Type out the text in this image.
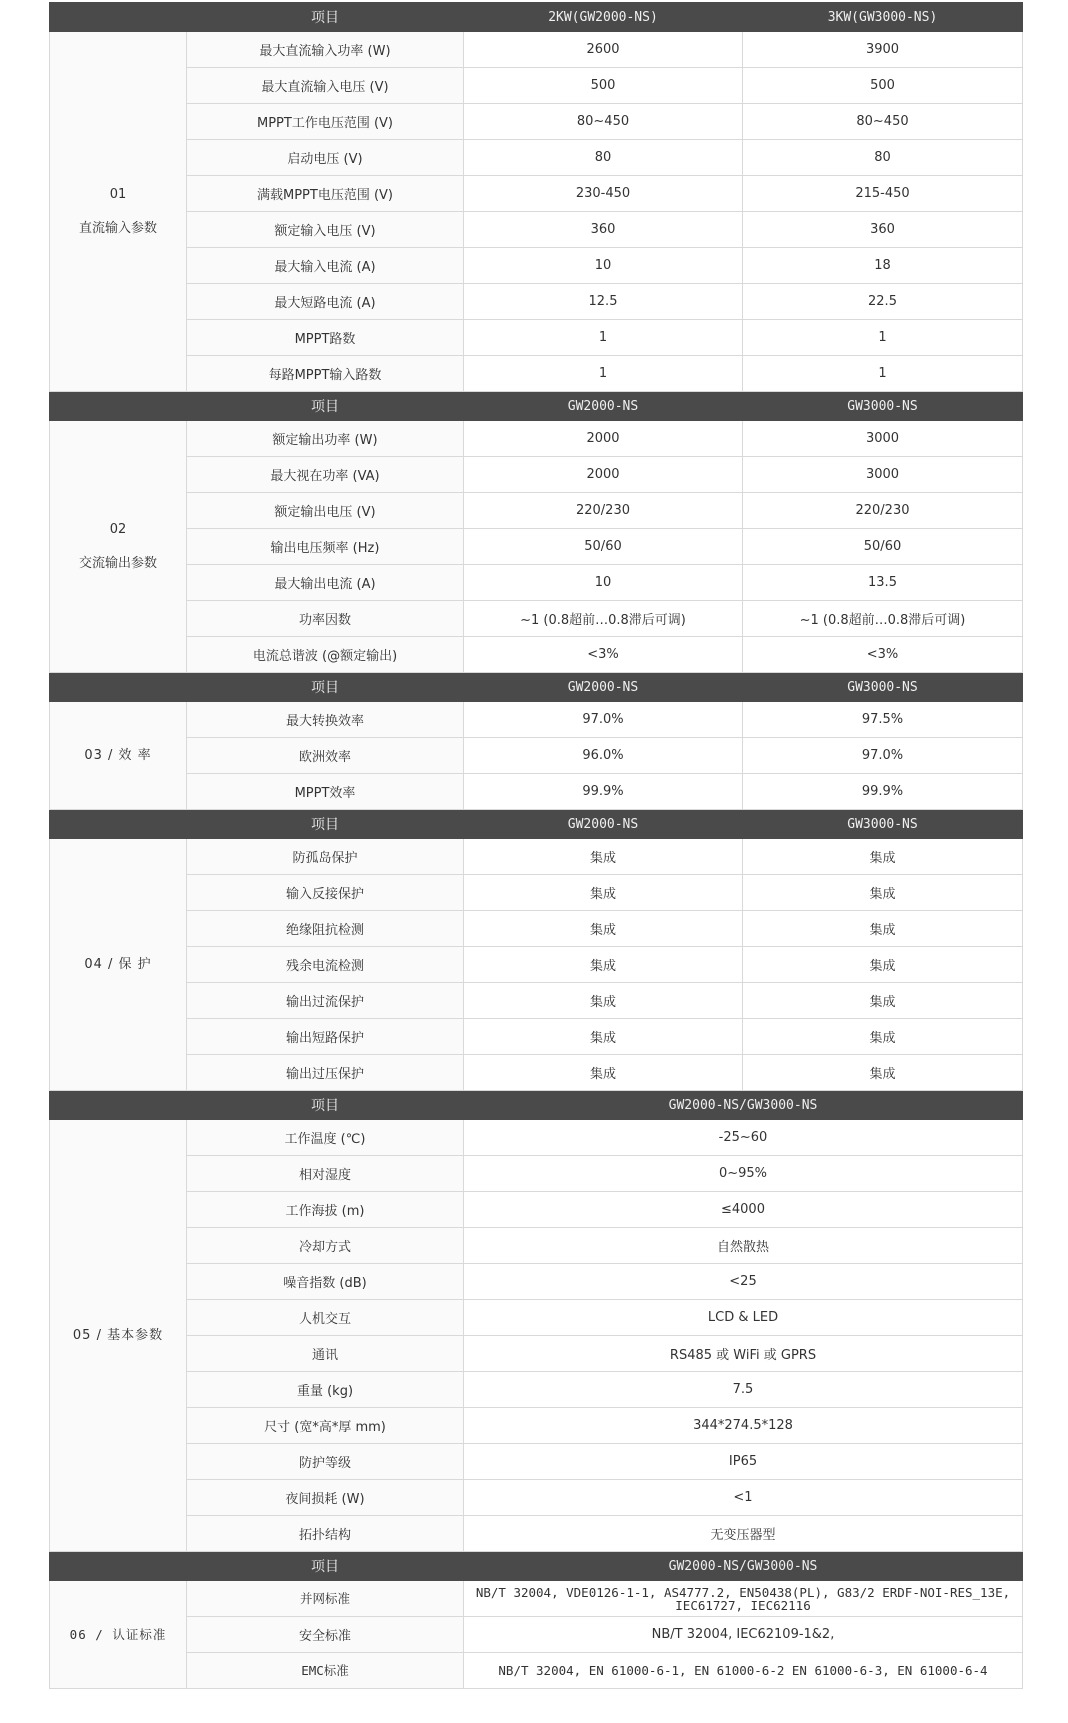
	项目	2KW(GW2000-NS)	3KW(GW3000-NS)

01
直流输入参数	最大直流输入功率 (W)	2600	3900
	最大直流输入电压 (V)	500	500
	MPPT工作电压范围 (V)	80~450	80~450
	启动电压 (V)	80	80
	满载MPPT电压范围 (V)	230-450	215-450
	额定输入电压 (V)	360	360
	最大输入电流 (A)	10	18
	最大短路电流 (A)	12.5	22.5
	MPPT路数	1	1
	每路MPPT输入路数	1	1
	项目	GW2000-NS	GW3000-NS

02
交流输出参数	额定输出功率 (W)	2000	3000
	最大视在功率 (VA)	2000	3000
	额定输出电压 (V)	220/230	220/230
	输出电压频率 (Hz)	50/60	50/60
	最大输出电流 (A)	10	13.5
	功率因数	~1 (0.8超前…0.8滞后可调)	~1 (0.8超前…0.8滞后可调)
	电流总谐波 (@额定输出)	<3%	<3%
	项目	GW2000-NS	GW3000-NS
03 / 效 率	最大转换效率	97.0%	97.5%
	欧洲效率	96.0%	97.0%
	MPPT效率	99.9%	99.9%
	项目	GW2000-NS	GW3000-NS
04 / 保 护	防孤岛保护	集成	集成
	输入反接保护	集成	集成
	绝缘阻抗检测	集成	集成
	残余电流检测	集成	集成
	输出过流保护	集成	集成
	输出短路保护	集成	集成
	输出过压保护	集成	集成
	项目	GW2000-NS/GW3000-NS	
05 / 基本参数	工作温度 (℃)	-25~60	
	相对湿度	0~95%	
	工作海拔 (m)	≤4000	
	冷却方式	自然散热	
	噪音指数 (dB)	<25	
	人机交互	LCD & LED	
	通讯	RS485 或 WiFi 或 GPRS	
	重量 (kg)	7.5	
	尺寸 (宽*高*厚 mm)	344*274.5*128	
	防护等级	IP65	
	夜间损耗 (W)	<1	
	拓扑结构	无变压器型	
	项目	GW2000-NS/GW3000-NS	
06 / 认证标准	并网标准	NB/T 32004, VDE0126-1-1, AS4777.2, EN50438(PL), G83/2 ERDF-NOI-RES_13E, IEC61727, IEC62116	
	安全标准	NB/T 32004, IEC62109-1&2,	
	EMC标准	NB/T 32004, EN 61000-6-1, EN 61000-6-2 EN 61000-6-3, EN 61000-6-4	
